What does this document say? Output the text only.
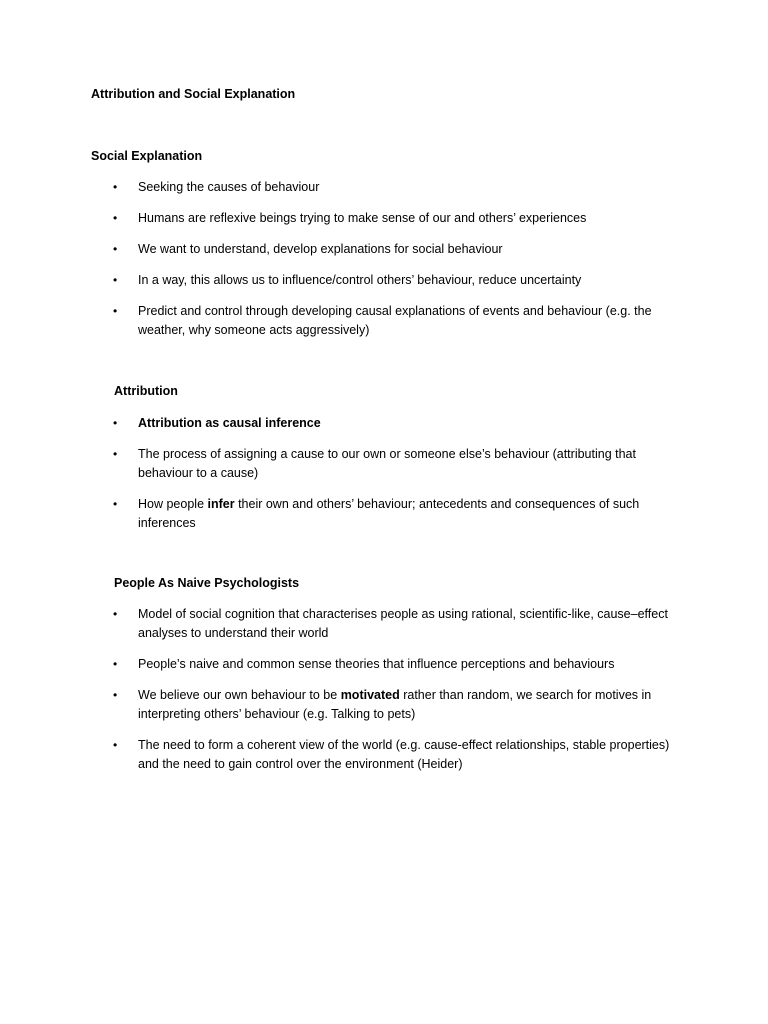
Attribution and Social Explanation
Social Explanation
• Seeking the causes of behaviour
• Humans are reflexive beings trying to make sense of our and others’ experiences
• We want to understand, develop explanations for social behaviour
• In a way, this allows us to influence/control others’ behaviour, reduce uncertainty
• Predict and control through developing causal explanations of events and behaviour (e.g. the weather, why someone acts aggressively)
Attribution
• Attribution as causal inference
• The process of assigning a cause to our own or someone else’s behaviour (attributing that behaviour to a cause)
• How people infer their own and others’ behaviour; antecedents and consequences of such inferences
People As Naive Psychologists
• Model of social cognition that characterises people as using rational, scientific-like, cause–effect analyses to understand their world
• People’s naive and common sense theories that influence perceptions and behaviours
• We believe our own behaviour to be motivated rather than random, we search for motives in interpreting others’ behaviour (e.g. Talking to pets)
• The need to form a coherent view of the world (e.g. cause-effect relationships, stable properties) and the need to gain control over the environment (Heider)
